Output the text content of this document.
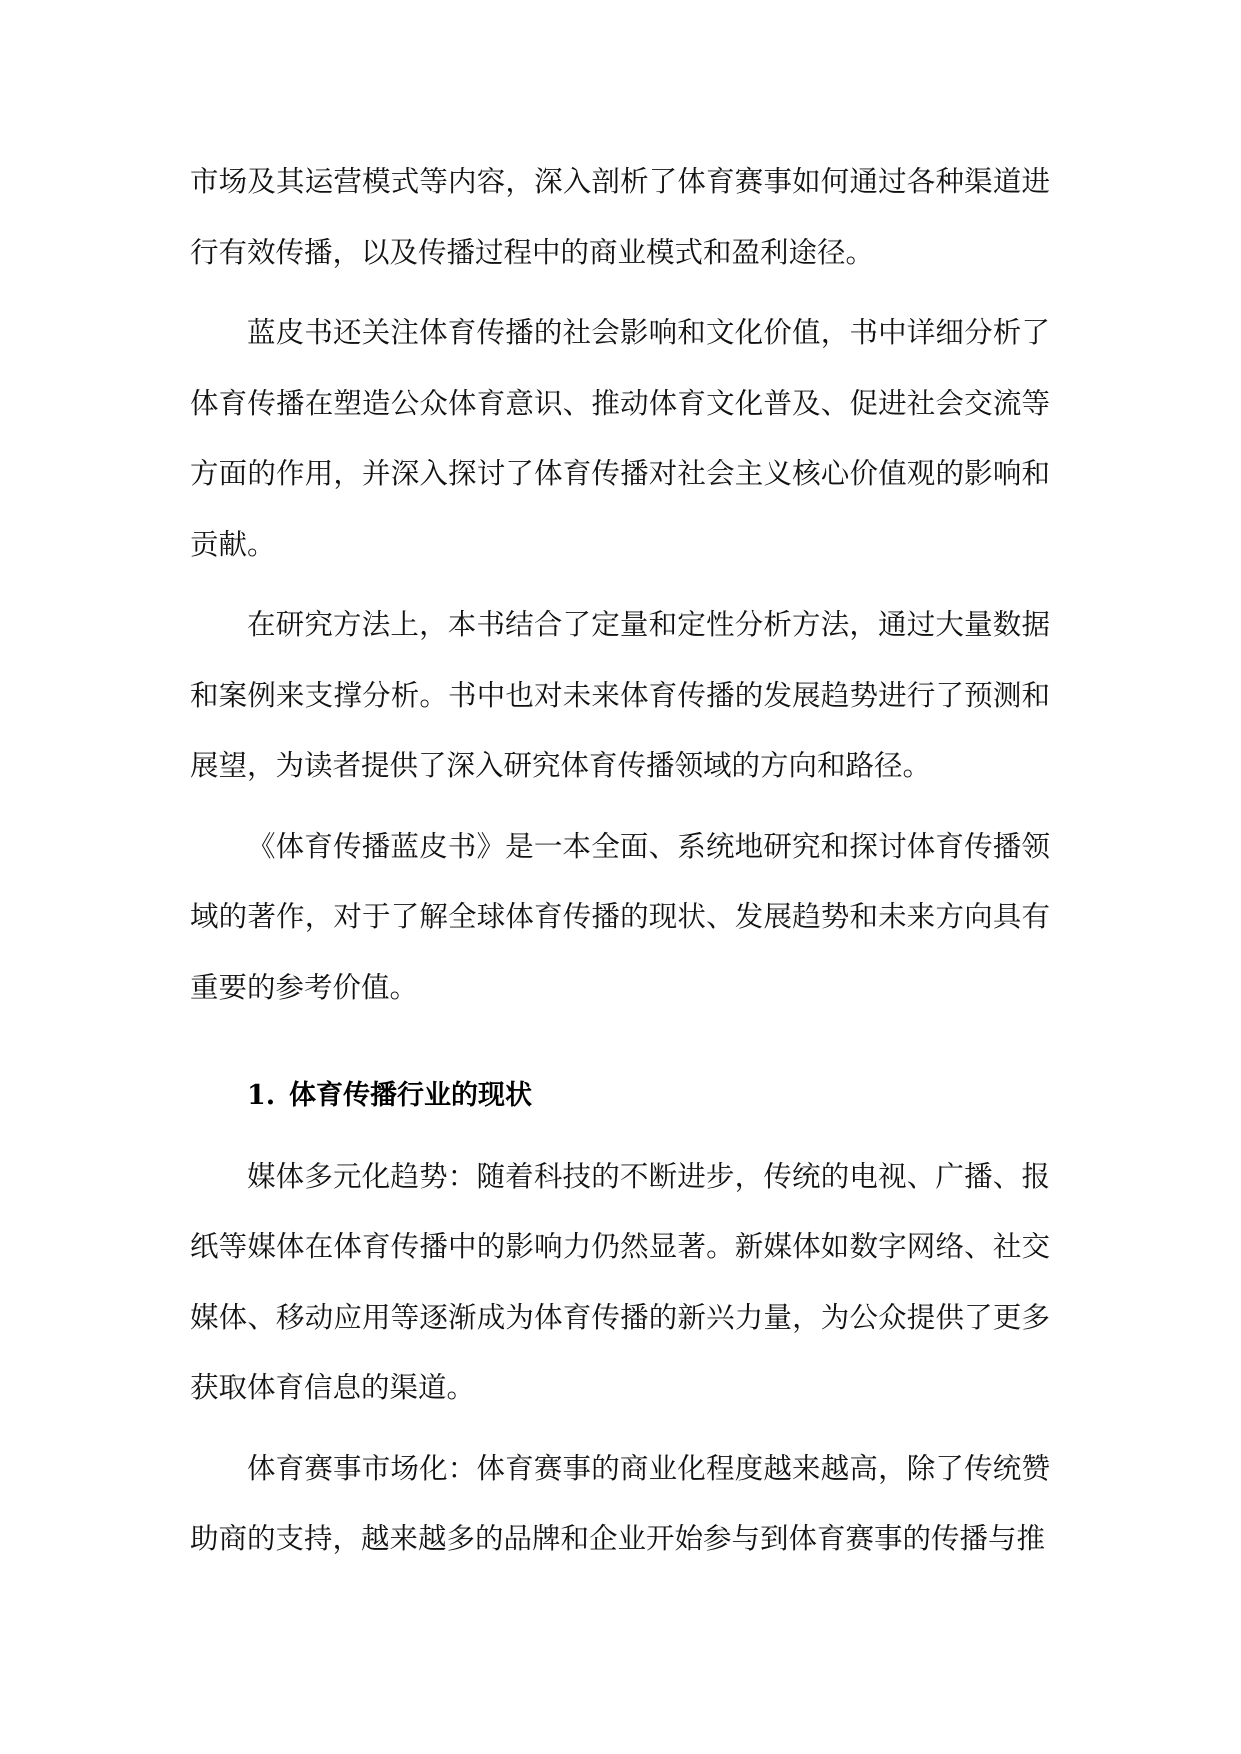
市场及其运营模式等内容，深入剖析了体育赛事如何通过各种渠道进行有效传播，以及传播过程中的商业模式和盈利途径。

蓝皮书还关注体育传播的社会影响和文化价值，书中详细分析了体育传播在塑造公众体育意识、推动体育文化普及、促进社会交流等方面的作用，并深入探讨了体育传播对社会主义核心价值观的影响和贡献。

在研究方法上，本书结合了定量和定性分析方法，通过大量数据和案例来支撑分析。书中也对未来体育传播的发展趋势进行了预测和展望，为读者提供了深入研究体育传播领域的方向和路径。

《体育传播蓝皮书》是一本全面、系统地研究和探讨体育传播领域的著作，对于了解全球体育传播的现状、发展趋势和未来方向具有重要的参考价值。

1. 体育传播行业的现状

媒体多元化趋势：随着科技的不断进步，传统的电视、广播、报纸等媒体在体育传播中的影响力仍然显著。新媒体如数字网络、社交媒体、移动应用等逐渐成为体育传播的新兴力量，为公众提供了更多获取体育信息的渠道。

体育赛事市场化：体育赛事的商业化程度越来越高，除了传统赞助商的支持，越来越多的品牌和企业开始参与到体育赛事的传播与推
